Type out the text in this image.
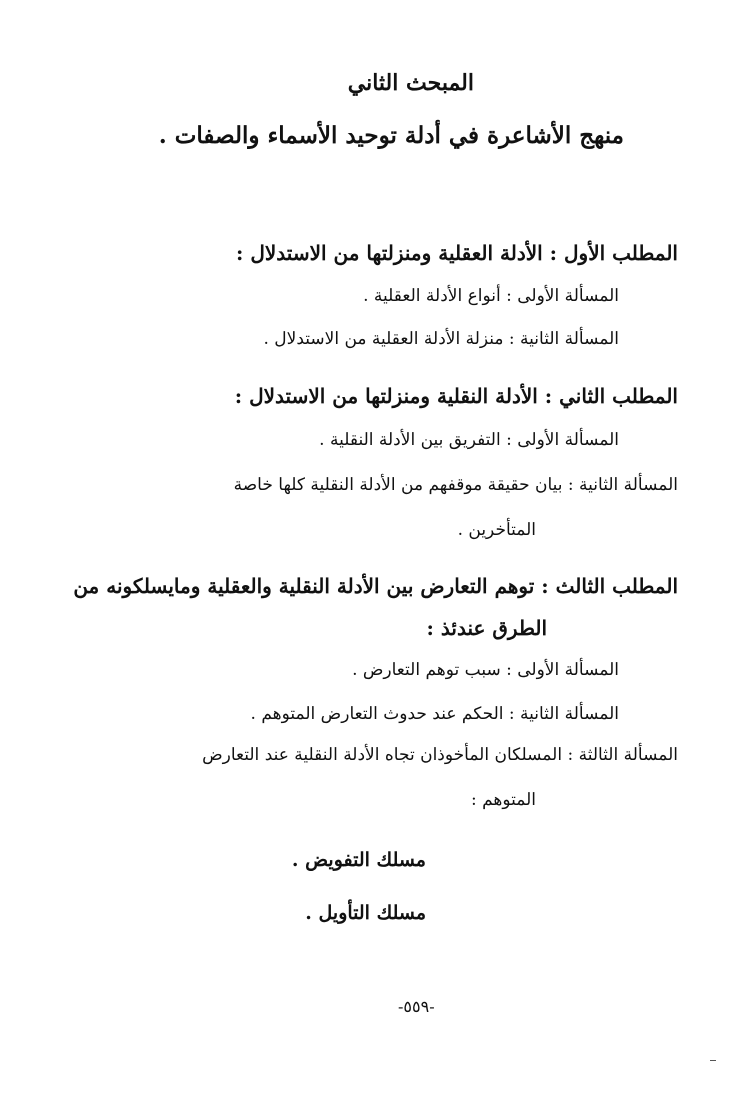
المبحث الثاني
منهج الأشاعرة في أدلة توحيد الأسماء والصفات .
المطلب الأول : الأدلة العقلية ومنزلتها من الاستدلال :
المسألة الأولى : أنواع الأدلة العقلية .
المسألة الثانية : منزلة الأدلة العقلية من الاستدلال .
المطلب الثاني : الأدلة النقلية ومنزلتها من الاستدلال :
المسألة الأولى : التفريق بين الأدلة النقلية .
المسألة الثانية : بيان حقيقة موقفهم من الأدلة النقلية كلها خاصة
المتأخرين .
المطلب الثالث : توهم التعارض بين الأدلة النقلية والعقلية ومايسلكونه من
الطرق عندئذ :
المسألة الأولى : سبب توهم التعارض .
المسألة الثانية : الحكم عند حدوث التعارض المتوهم .
المسألة الثالثة : المسلكان المأخوذان تجاه الأدلة النقلية عند التعارض
المتوهم :
مسلك التفويض .
مسلك التأويل .
-٥٥٩-
